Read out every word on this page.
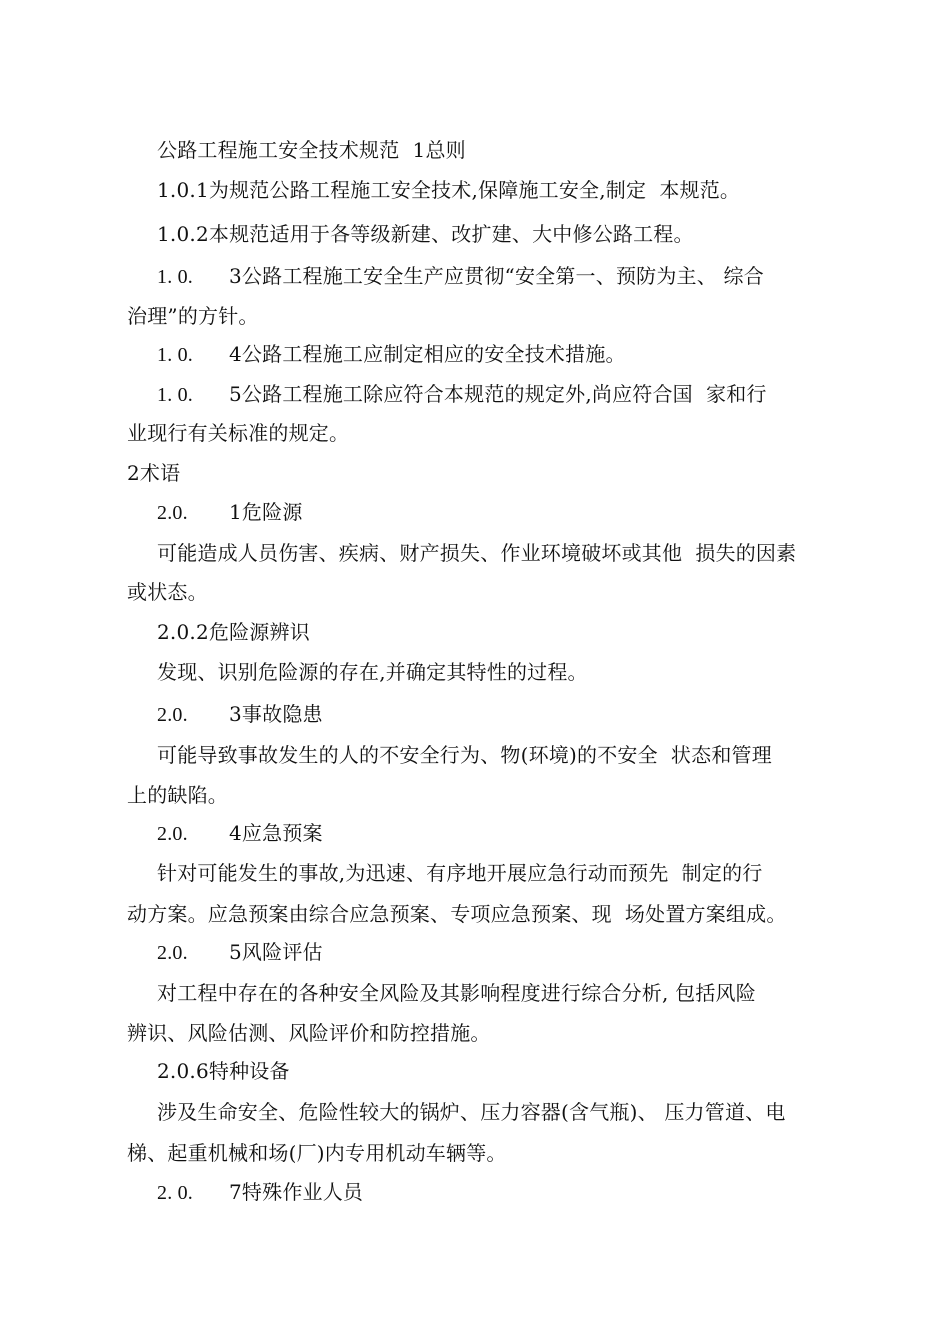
公路工程施工安全技术规范  1总则
1.0.1为规范公路工程施工安全技术,保障施工安全,制定  本规范。
1.0.2本规范适用于各等级新建、改扩建、大中修公路工程。
1. 0. 3公路工程施工安全生产应贯彻“安全第一、预防为主、 综合
治理”的方针。
1. 0. 4公路工程施工应制定相应的安全技术措施。
1. 0. 5公路工程施工除应符合本规范的规定外,尚应符合国  家和行
业现行有关标准的规定。
2术语
2.0. 1危险源
可能造成人员伤害、疾病、财产损失、作业环境破坏或其他  损失的因素
或状态。
2.0.2危险源辨识
发现、识别危险源的存在,并确定其特性的过程。
2.0. 3事故隐患
可能导致事故发生的人的不安全行为、物(环境)的不安全  状态和管理
上的缺陷。
2.0. 4应急预案
针对可能发生的事故,为迅速、有序地开展应急行动而预先  制定的行
动方案。应急预案由综合应急预案、专项应急预案、现  场处置方案组成。
2.0. 5风险评估
对工程中存在的各种安全风险及其影响程度进行综合分析, 包括风险
辨识、风险估测、风险评价和防控措施。
2.0.6特种设备
涉及生命安全、危险性较大的锅炉、压力容器(含气瓶)、 压力管道、电
梯、起重机械和场(厂)内专用机动车辆等。
2. 0. 7特殊作业人员
